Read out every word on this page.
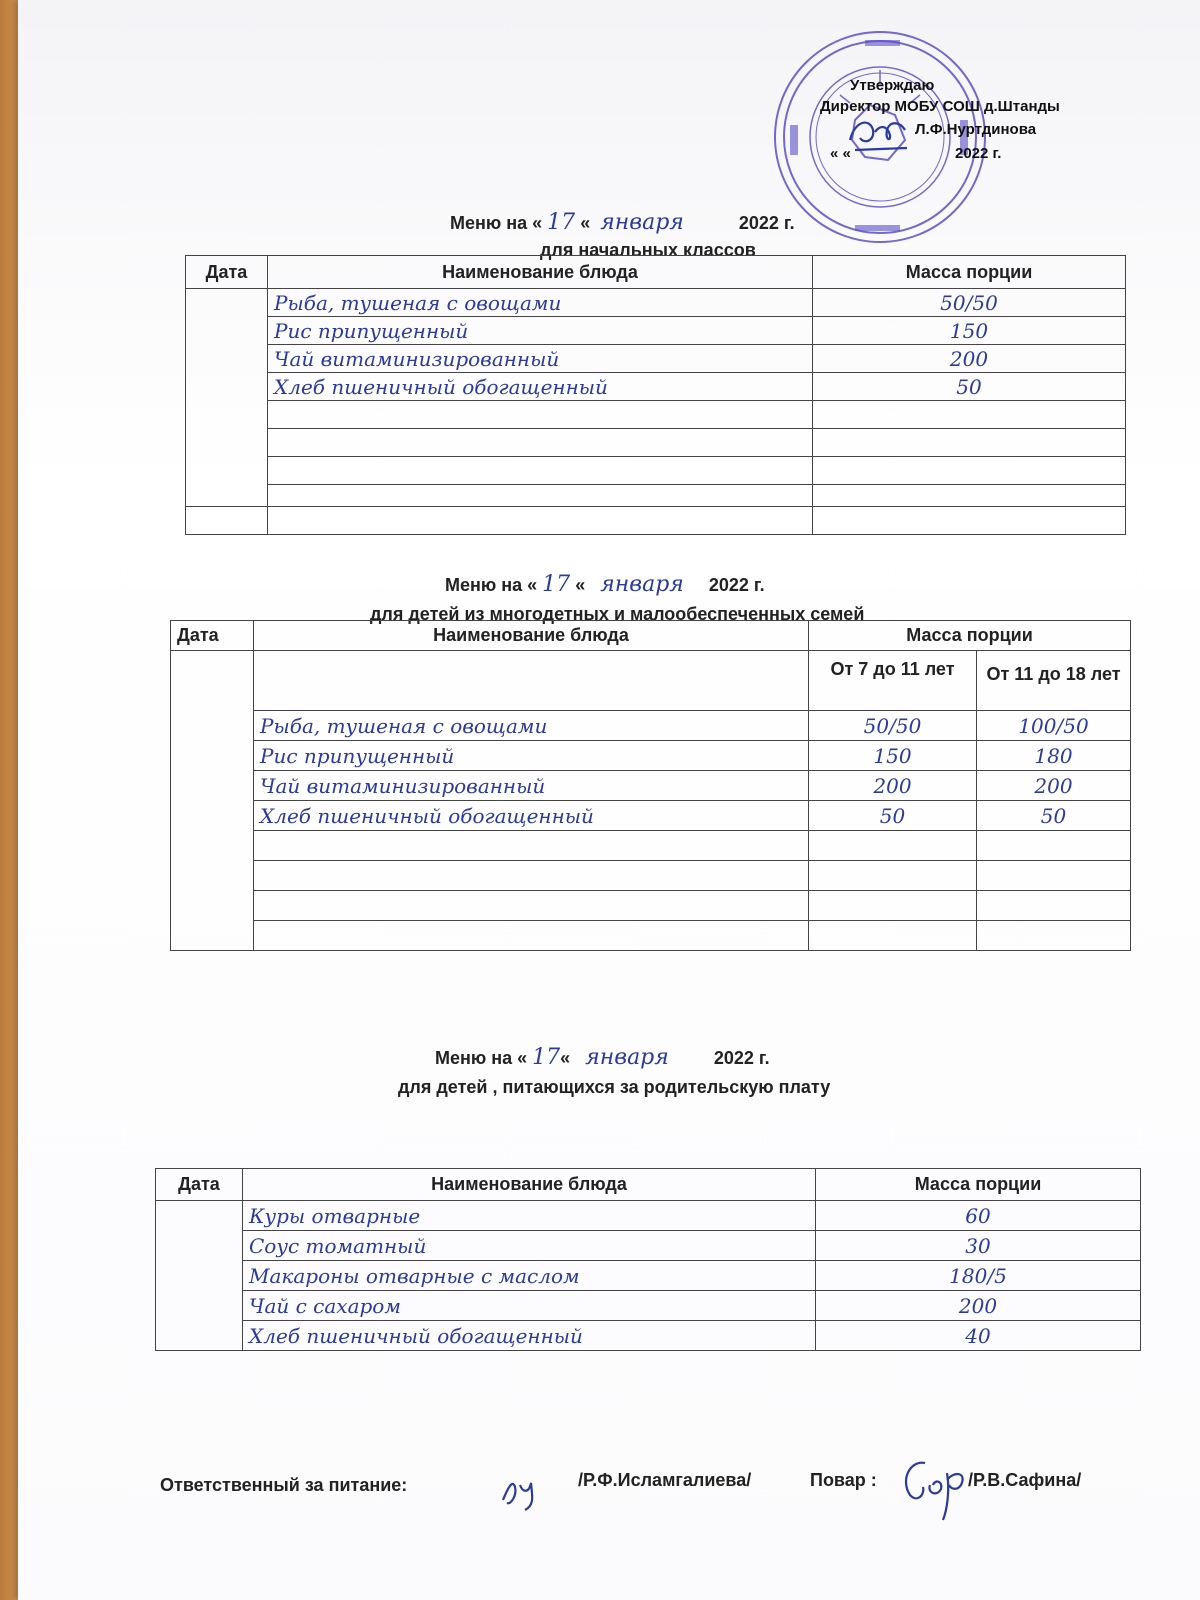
Утверждаю
Директор МОБУ СОШ д.Штанды
Л.Ф.Нуртдинова
« «	2022 г.
Меню на « 17 « января	2022 г.
для начальных классов
Дата	Наименование блюда	Масса порции
	Рыба, тушеная с овощами	50/50
	Рис припущенный	150
	Чай витаминизированный	200
	Хлеб пшеничный обогащенный	50

Меню на « 17 « января 2022 г.
для детей из многодетных и малообеспеченных семей
Дата	Наименование блюда	Масса порции	
		От 7 до 11 лет	От 11 до 18 лет
	Рыба, тушеная с овощами	50/50	100/50
	Рис припущенный	150	180
	Чай витаминизированный	200	200
	Хлеб пшеничный обогащенный	50	50

Меню на « 17« января	2022 г.
для детей , питающихся за родительскую плату
Дата	Наименование блюда	Масса порции
	Куры отварные	60
	Соус томатный	30
	Макароны отварные с маслом	180/5
	Чай с сахаром	200
	Хлеб пшеничный обогащенный	40
Ответственный за питание:	/Р.Ф.Исламгалиева/	Повар :	/Р.В.Сафина/
